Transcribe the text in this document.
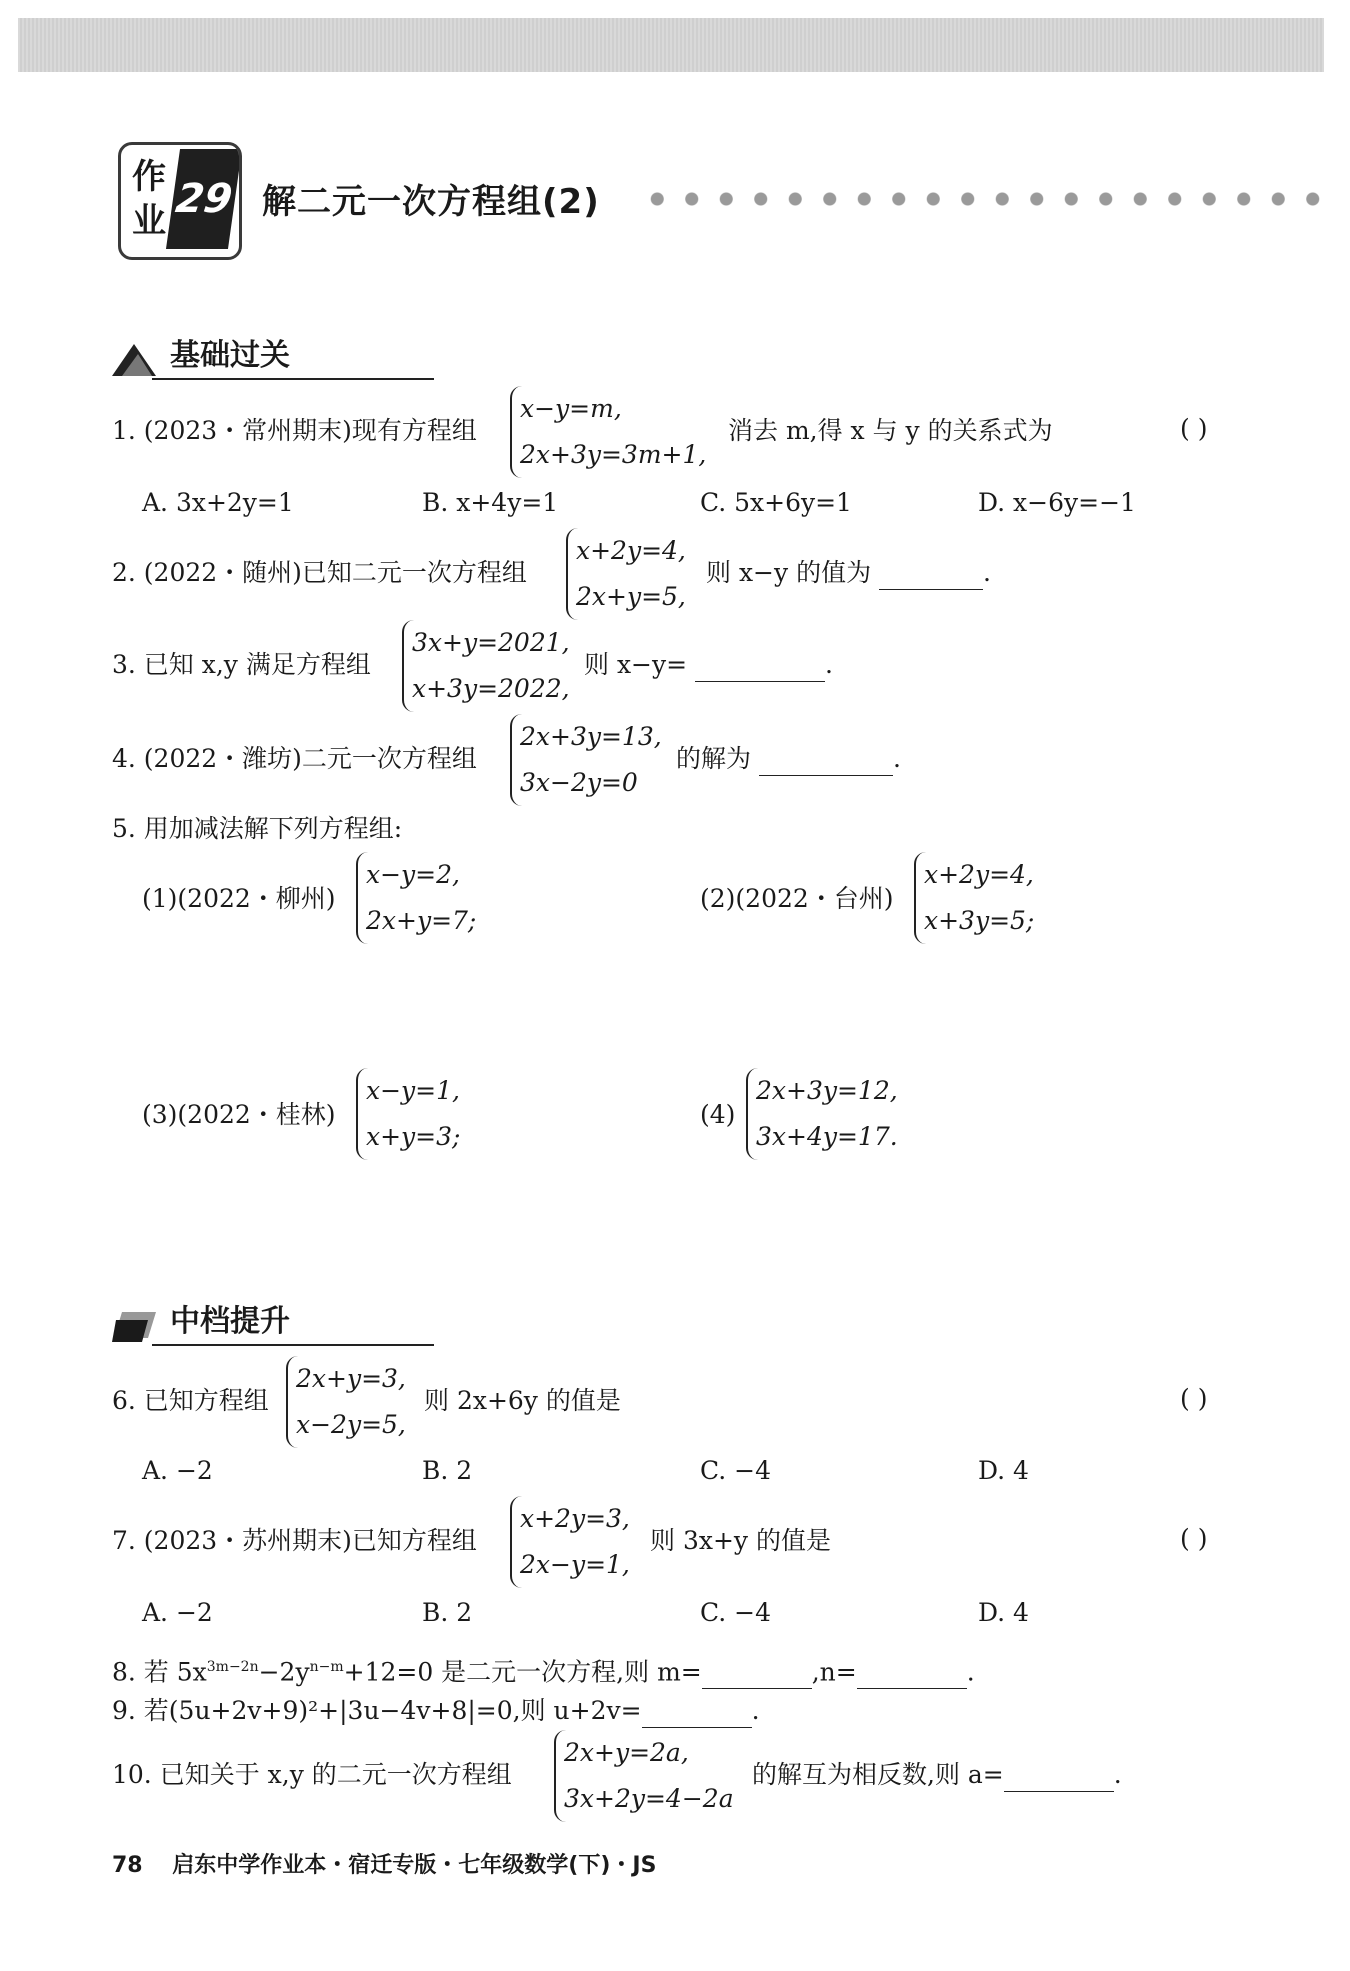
作
业 29 解二元一次方程组(2)
基础过关
1. (2023・常州期末)现有方程组
x−y=m,
2x+3y=3m+1,
消去 m,得 x 与 y 的关系式为	( )
A. 3x+2y=1	B. x+4y=1	C. 5x+6y=1	D. x−6y=−1
2. (2022・随州)已知二元一次方程组
x+2y=4,
2x+y=5,
则 x−y 的值为	.
3. 已知 x,y 满足方程组
3x+y=2021,
x+3y=2022,
则 x−y=	.
4. (2022・潍坊)二元一次方程组
2x+3y=13,
3x−2y=0
的解为	.
5. 用加减法解下列方程组:
(1)(2022・柳州)
x−y=2,
2x+y=7;
(2)(2022・台州)
x+2y=4,
x+3y=5;
(3)(2022・桂林)
x−y=1,
x+y=3;
(4)
2x+3y=12,
3x+4y=17.
中档提升
6. 已知方程组
2x+y=3,
x−2y=5,
则 2x+6y 的值是	( )
A. −2	B. 2	C. −4	D. 4
7. (2023・苏州期末)已知方程组
x+2y=3,
2x−y=1,
则 3x+y 的值是	( )
A. −2	B. 2	C. −4	D. 4
8. 若 $5x^{3m-2n}-2y^{n-m}+12=0$ 是二元一次方程,则 m=	,n=	.
9. 若(5u+2v+9)²+|3u−4v+8|=0,则 u+2v=	.
10. 已知关于 x,y 的二元一次方程组
2x+y=2a,
3x+2y=4−2a
的解互为相反数,则 a=	.
78 启东中学作业本・宿迁专版・七年级数学(下)・JS
